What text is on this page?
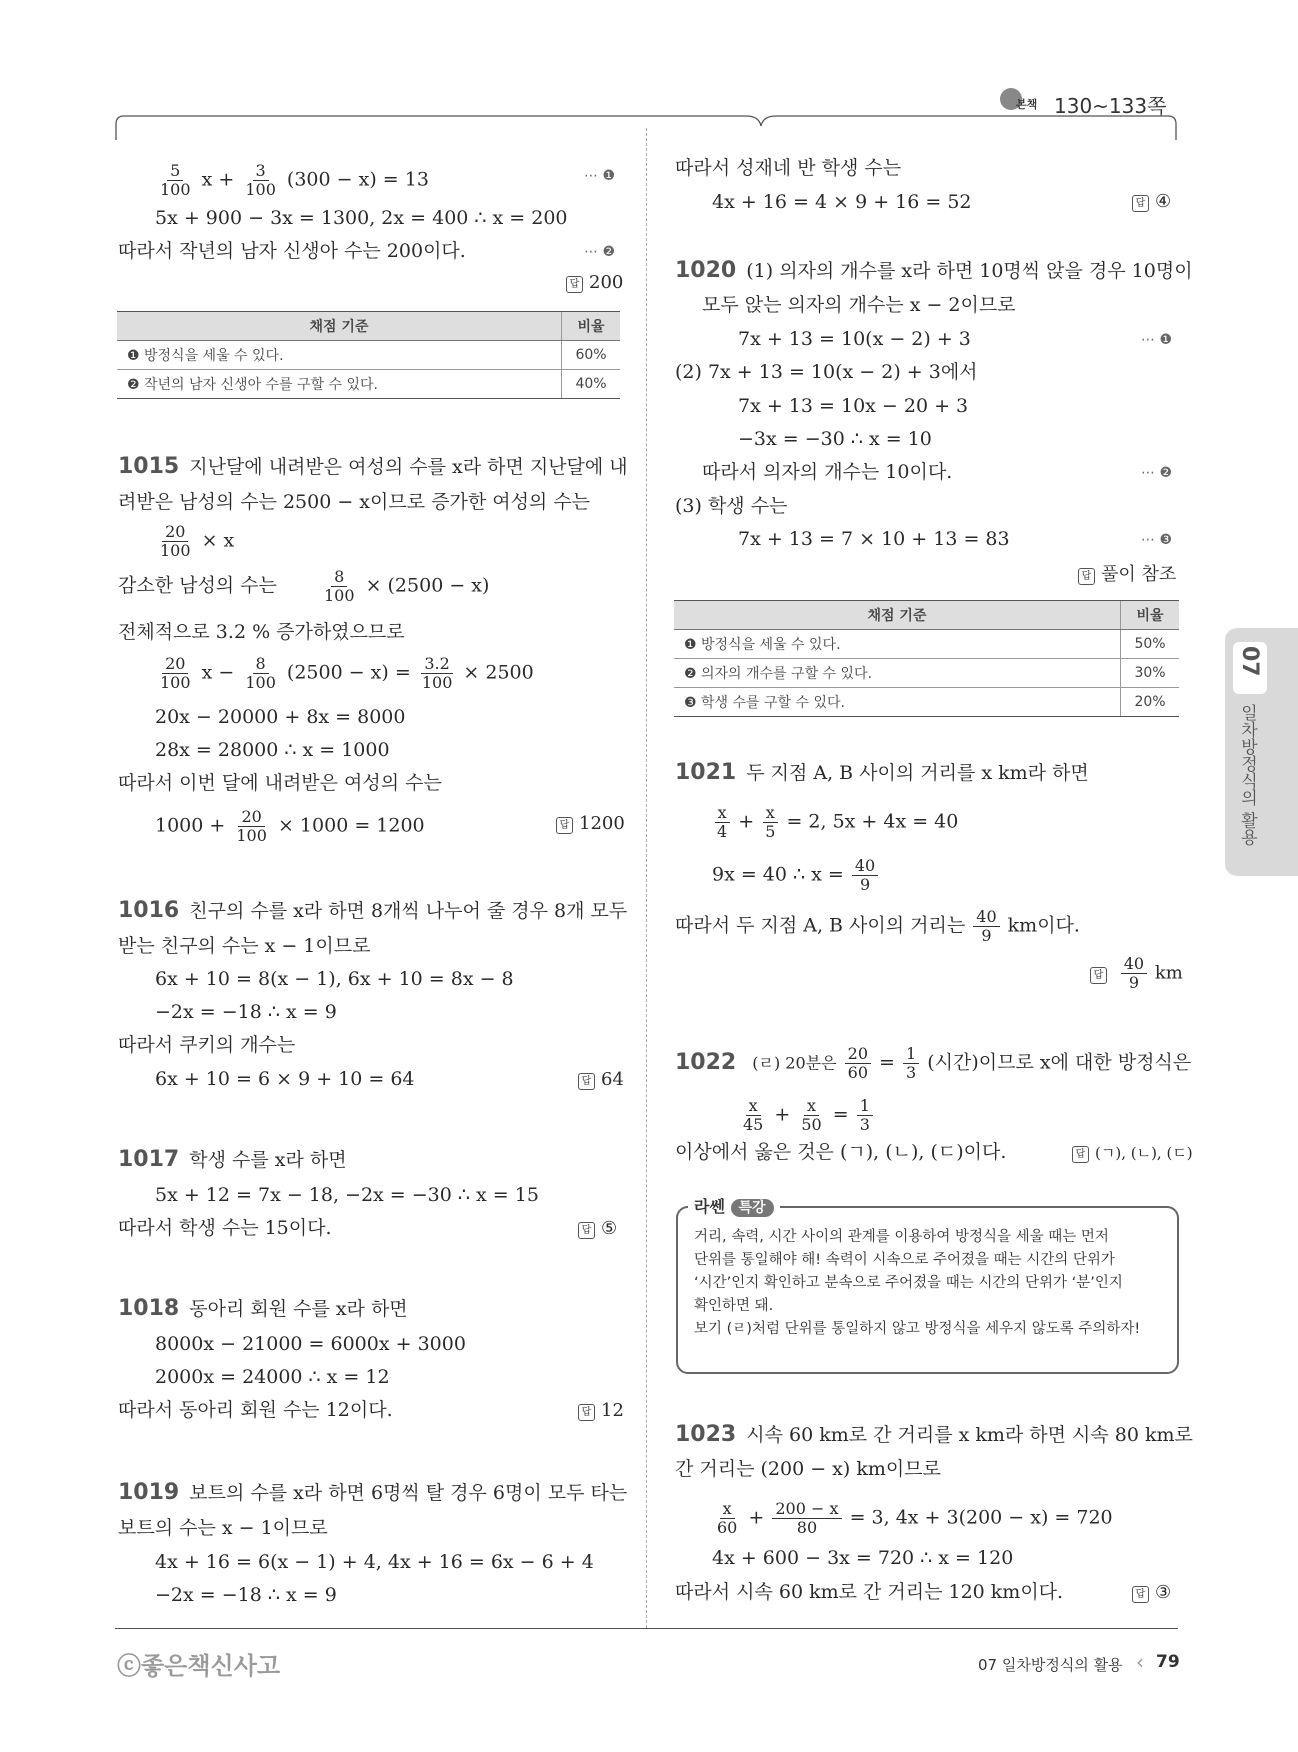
본책 130~133쪽
$\frac{5}{100}$ $x + \frac{3}{100} (300 - x) = 13$	⋯ ❶
5x + 900 − 3x = 1300, 2x = 400 ∴ x = 200
따라서 작년의 남자 신생아 수는 200이다.	⋯ ❷
답 200
채점 기준	비율
❶ 방정식을 세울 수 있다.	60%
❷ 작년의 남자 신생아 수를 구할 수 있다.	40%
1015 지난달에 내려받은 여성의 수를 x라 하면 지난달에 내
려받은 남성의 수는 2500 − x이므로 증가한 여성의 수는
$\frac{20}{100} \times x$
감소한 남성의 수는	$\frac{8}{100} \times (2500 - x)$
전체적으로 3.2 % 증가하였으므로
$\frac{20}{100}$ $x - \frac{8}{100} (2500 - x) = \frac{3.2}{100} \times 2500$
20x − 20000 + 8x = 8000
28x = 28000 ∴ x = 1000
따라서 이번 달에 내려받은 여성의 수는
$1000 + \frac{20}{100} \times 1000 = 1200$	답 1200
1016 친구의 수를 x라 하면 8개씩 나누어 줄 경우 8개 모두
받는 친구의 수는 x − 1이므로
6x + 10 = 8(x − 1), 6x + 10 = 8x − 8
−2x = −18 ∴ x = 9
따라서 쿠키의 개수는
6x + 10 = 6 × 9 + 10 = 64	답 64
1017 학생 수를 x라 하면
5x + 12 = 7x − 18, −2x = −30 ∴ x = 15
따라서 학생 수는 15이다.	답 ⑤
1018 동아리 회원 수를 x라 하면
8000x − 21000 = 6000x + 3000
2000x = 24000 ∴ x = 12
따라서 동아리 회원 수는 12이다.	답 12
1019 보트의 수를 x라 하면 6명씩 탈 경우 6명이 모두 타는
보트의 수는 x − 1이므로
4x + 16 = 6(x − 1) + 4, 4x + 16 = 6x − 6 + 4
−2x = −18 ∴ x = 9
따라서 성재네 반 학생 수는
4x + 16 = 4 × 9 + 16 = 52	답 ④
1020 (1) 의자의 개수를 x라 하면 10명씩 앉을 경우 10명이
모두 앉는 의자의 개수는 x − 2이므로
7x + 13 = 10(x − 2) + 3	⋯ ❶
(2) 7x + 13 = 10(x − 2) + 3에서
7x + 13 = 10x − 20 + 3
−3x = −30 ∴ x = 10
따라서 의자의 개수는 10이다.	⋯ ❷
(3) 학생 수는
7x + 13 = 7 × 10 + 13 = 83	⋯ ❸
답 풀이 참조
채점 기준	비율
❶ 방정식을 세울 수 있다.	50%
❷ 의자의 개수를 구할 수 있다.	30%
❸ 학생 수를 구할 수 있다.	20%
1021 두 지점 A, B 사이의 거리를 x km라 하면
$\frac{x}{4} + \frac{x}{5} = 2$, 5x + 4x = 40
9x = 40 ∴ $x = \frac{40}{9}$
따라서 두 지점 A, B 사이의 거리는 $\frac{40}{9}$ km이다.
답 $\frac{40}{9}$ km
1022 (ㄹ) 20분은 $\frac{20}{60} = \frac{1}{3}$ (시간)이므로 x에 대한 방정식은
$\frac{x}{45} + \frac{x}{50} = \frac{1}{3}$
이상에서 옳은 것은 (ㄱ), (ㄴ), (ㄷ)이다.	답 (ㄱ), (ㄴ), (ㄷ)
라쎈 특강
거리, 속력, 시간 사이의 관계를 이용하여 방정식을 세울 때는 먼저
단위를 통일해야 해! 속력이 시속으로 주어졌을 때는 시간의 단위가
‘시간’인지 확인하고 분속으로 주어졌을 때는 시간의 단위가 ‘분’인지
확인하면 돼.
보기 (ㄹ)처럼 단위를 통일하지 않고 방정식을 세우지 않도록 주의하자!
1023 시속 60 km로 간 거리를 x km라 하면 시속 80 km로
간 거리는 (200 − x) km이므로
$\frac{x}{60} + \frac{200 - x}{80} = 3$, 4x + 3(200 − x) = 720
4x + 600 − 3x = 720 ∴ x = 120
따라서 시속 60 km로 간 거리는 120 km이다.	답 ③
07
일차방정식의 활용
ⓒ좋은책신사고	07 일차방정식의 활용 ‹ 79
